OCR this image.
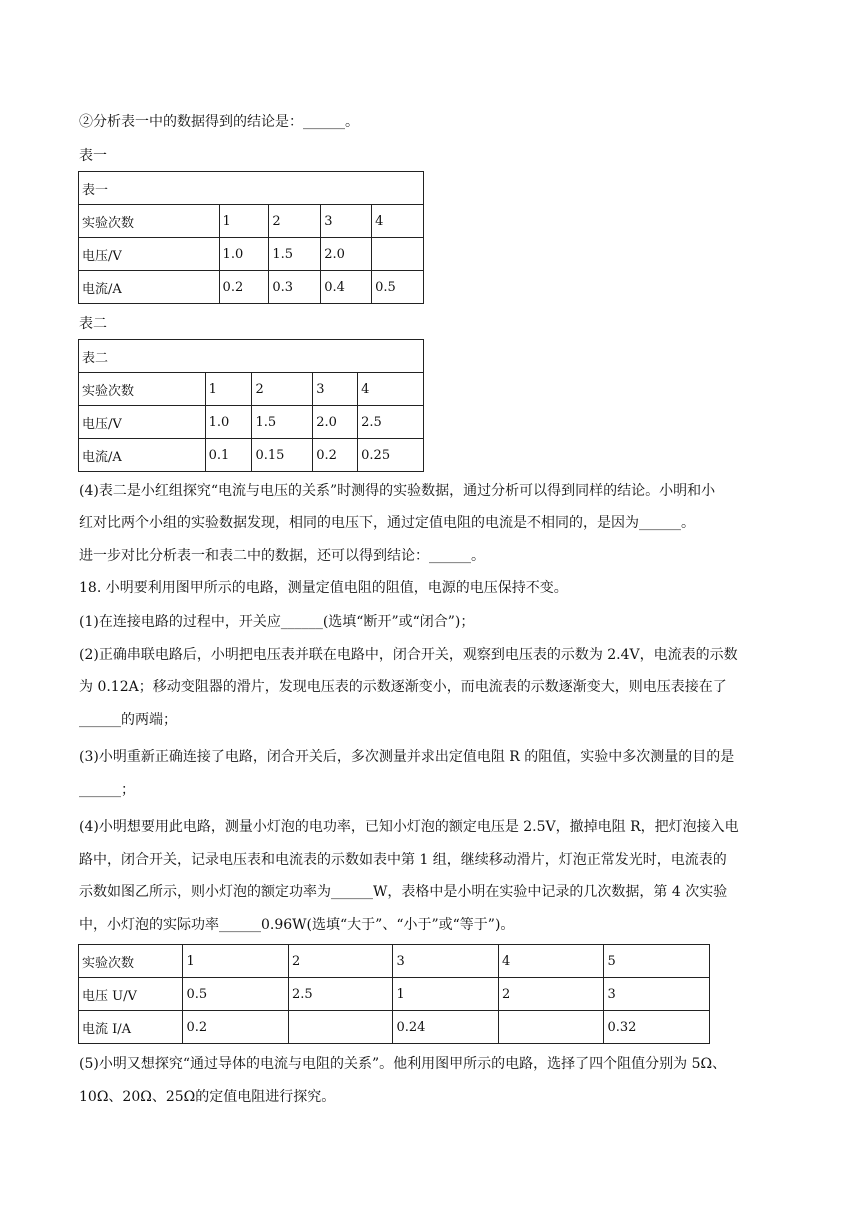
②分析表一中的数据得到的结论是：______。
表一
表一				
实验次数	1	2	3	4
电压/V	1.0	1.5	2.0	
电流/A	0.2	0.3	0.4	0.5
表二
表二				
实验次数	1	2	3	4
电压/V	1.0	1.5	2.0	2.5
电流/A	0.1	0.15	0.2	0.25
(4)表二是小红组探究“电流与电压的关系”时测得的实验数据，通过分析可以得到同样的结论。小明和小
红对比两个小组的实验数据发现，相同的电压下，通过定值电阻的电流是不相同的，是因为______。
进一步对比分析表一和表二中的数据，还可以得到结论：______。
18. 小明要利用图甲所示的电路，测量定值电阻的阻值，电源的电压保持不变。
(1)在连接电路的过程中，开关应______(选填“断开”或“闭合”)；
(2)正确串联电路后，小明把电压表并联在电路中，闭合开关，观察到电压表的示数为 2.4V，电流表的示数
为 0.12A；移动变阻器的滑片，发现电压表的示数逐渐变小，而电流表的示数逐渐变大，则电压表接在了
______的两端；
(3)小明重新正确连接了电路，闭合开关后，多次测量并求出定值电阻 R 的阻值，实验中多次测量的目的是
______；
(4)小明想要用此电路，测量小灯泡的电功率，已知小灯泡的额定电压是 2.5V，撤掉电阻 R，把灯泡接入电
路中，闭合开关，记录电压表和电流表的示数如表中第 1 组，继续移动滑片，灯泡正常发光时，电流表的
示数如图乙所示，则小灯泡的额定功率为______W，表格中是小明在实验中记录的几次数据，第 4 次实验
中，小灯泡的实际功率______0.96W(选填“大于”、“小于”或“等于”)。
实验次数	1	2	3	4	5
电压 U/V	0.5	2.5	1	2	3
电流 I/A	0.2		0.24		0.32
(5)小明又想探究“通过导体的电流与电阻的关系”。他利用图甲所示的电路，选择了四个阻值分别为 5Ω、
10Ω、20Ω、25Ω的定值电阻进行探究。
